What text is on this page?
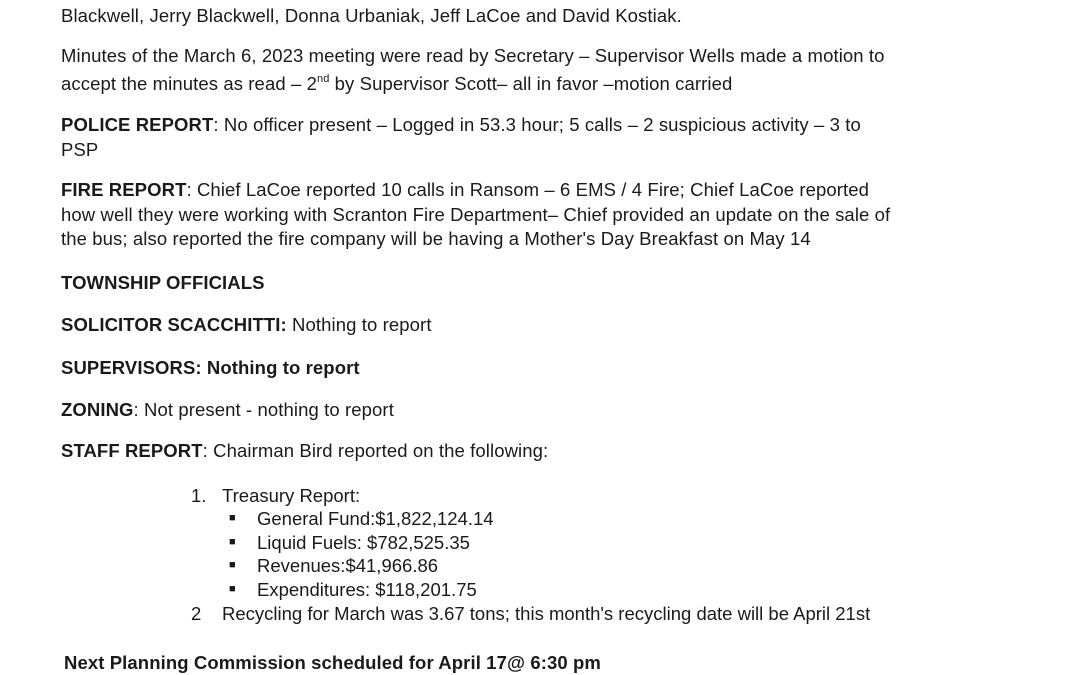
Blackwell, Jerry Blackwell, Donna Urbaniak, Jeff LaCoe and David Kostiak.

Minutes of the March 6, 2023 meeting were read by Secretary – Supervisor Wells made a motion to

accept the minutes as read – 2nd by Supervisor Scott– all in favor –motion carried

POLICE REPORT: No officer present – Logged in 53.3 hour; 5 calls – 2 suspicious activity – 3 to

PSP

FIRE REPORT: Chief LaCoe reported 10 calls in Ransom – 6 EMS / 4 Fire; Chief LaCoe reported

how well they were working with Scranton Fire Department– Chief provided an update on the sale of

the bus; also reported the fire company will be having a Mother's Day Breakfast on May 14

TOWNSHIP OFFICIALS

SOLICITOR SCACCHITTI: Nothing to report

SUPERVISORS: Nothing to report

ZONING: Not present - nothing to report

STAFF REPORT: Chairman Bird reported on the following:

1. Treasury Report:
■ General Fund:$1,822,124.14
■ Liquid Fuels: $782,525.35
■ Revenues:$41,966.86
■ Expenditures: $118,201.75
2 Recycling for March was 3.67 tons; this month's recycling date will be April 21st

Next Planning Commission scheduled for April 17@ 6:30 pm
